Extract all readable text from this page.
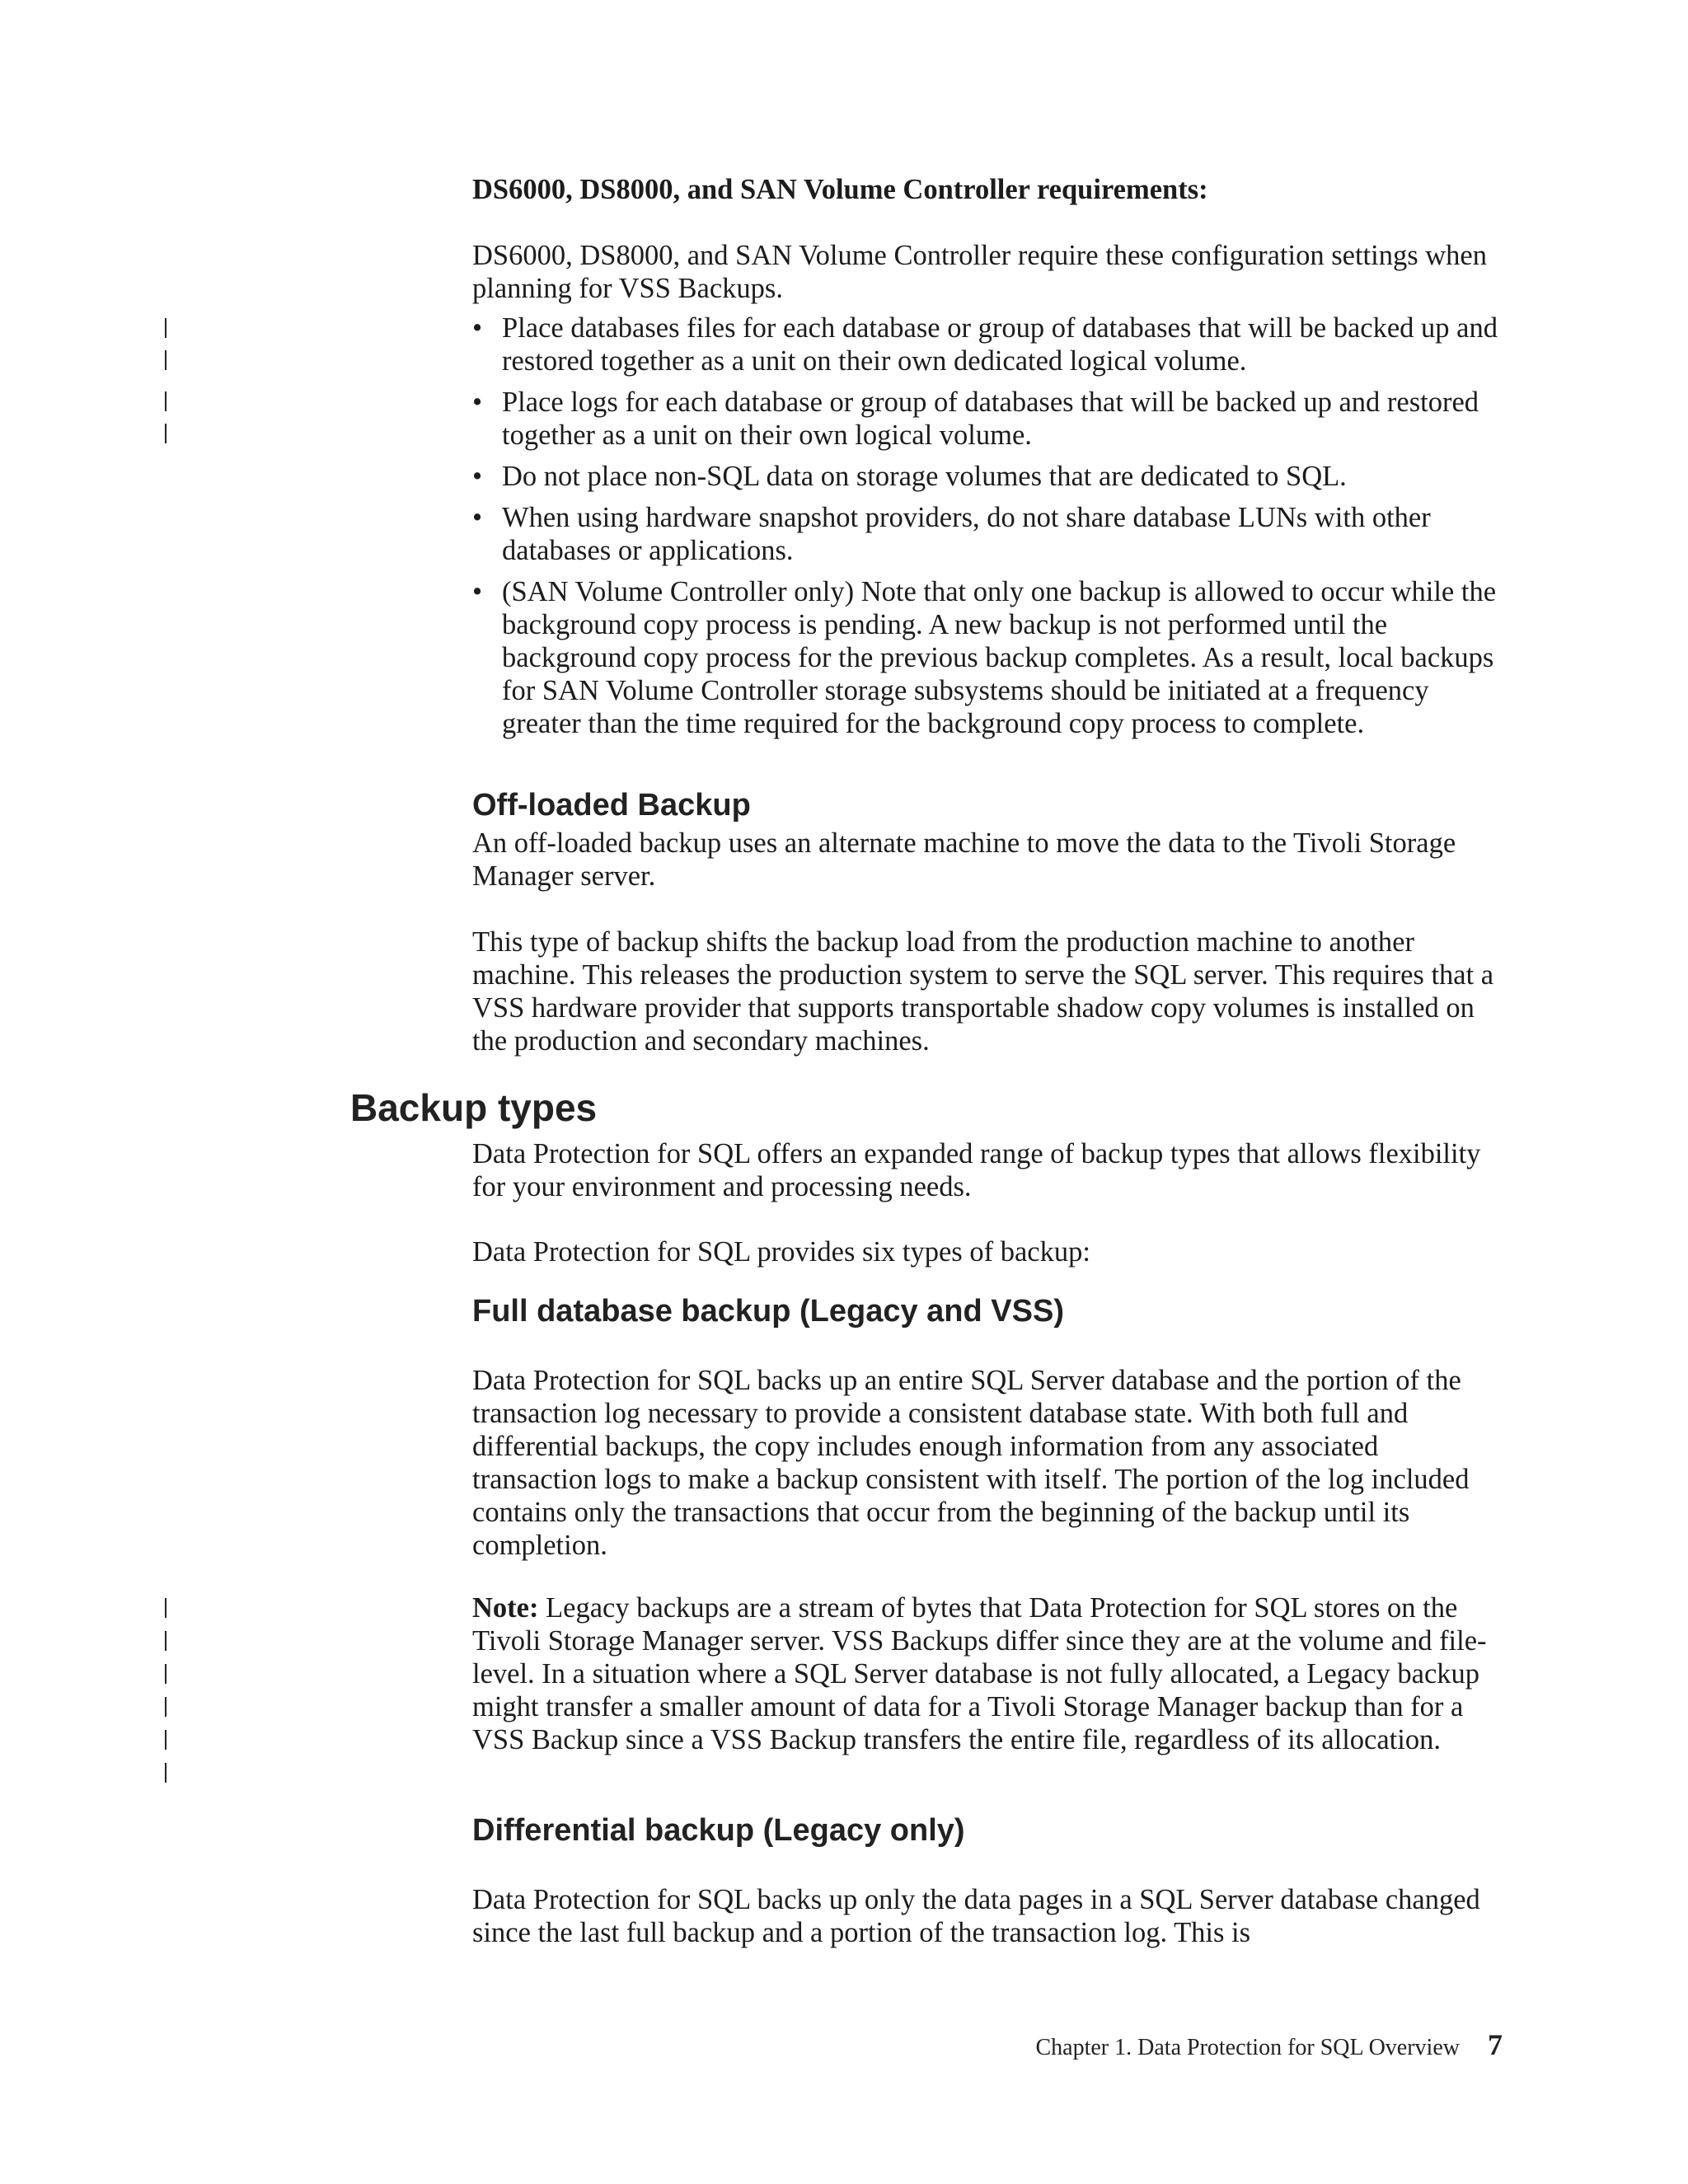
DS6000, DS8000, and SAN Volume Controller requirements:

DS6000, DS8000, and SAN Volume Controller require these configuration settings when planning for VSS Backups.

• Place databases files for each database or group of databases that will be backed up and restored together as a unit on their own dedicated logical volume.
• Place logs for each database or group of databases that will be backed up and restored together as a unit on their own logical volume.
• Do not place non-SQL data on storage volumes that are dedicated to SQL.
• When using hardware snapshot providers, do not share database LUNs with other databases or applications.
• (SAN Volume Controller only) Note that only one backup is allowed to occur while the background copy process is pending. A new backup is not performed until the background copy process for the previous backup completes. As a result, local backups for SAN Volume Controller storage subsystems should be initiated at a frequency greater than the time required for the background copy process to complete.
Off-loaded Backup

An off-loaded backup uses an alternate machine to move the data to the Tivoli Storage Manager server.

This type of backup shifts the backup load from the production machine to another machine. This releases the production system to serve the SQL server. This requires that a VSS hardware provider that supports transportable shadow copy volumes is installed on the production and secondary machines.

Backup types

Data Protection for SQL offers an expanded range of backup types that allows flexibility for your environment and processing needs.

Data Protection for SQL provides six types of backup:

Full database backup (Legacy and VSS)

Data Protection for SQL backs up an entire SQL Server database and the portion of the transaction log necessary to provide a consistent database state. With both full and differential backups, the copy includes enough information from any associated transaction logs to make a backup consistent with itself. The portion of the log included contains only the transactions that occur from the beginning of the backup until its completion.

Note: Legacy backups are a stream of bytes that Data Protection for SQL stores on the Tivoli Storage Manager server. VSS Backups differ since they are at the volume and file-level. In a situation where a SQL Server database is not fully allocated, a Legacy backup might transfer a smaller amount of data for a Tivoli Storage Manager backup than for a VSS Backup since a VSS Backup transfers the entire file, regardless of its allocation.

Differential backup (Legacy only)

Data Protection for SQL backs up only the data pages in a SQL Server database changed since the last full backup and a portion of the transaction log. This is

Chapter 1. Data Protection for SQL Overview 7
